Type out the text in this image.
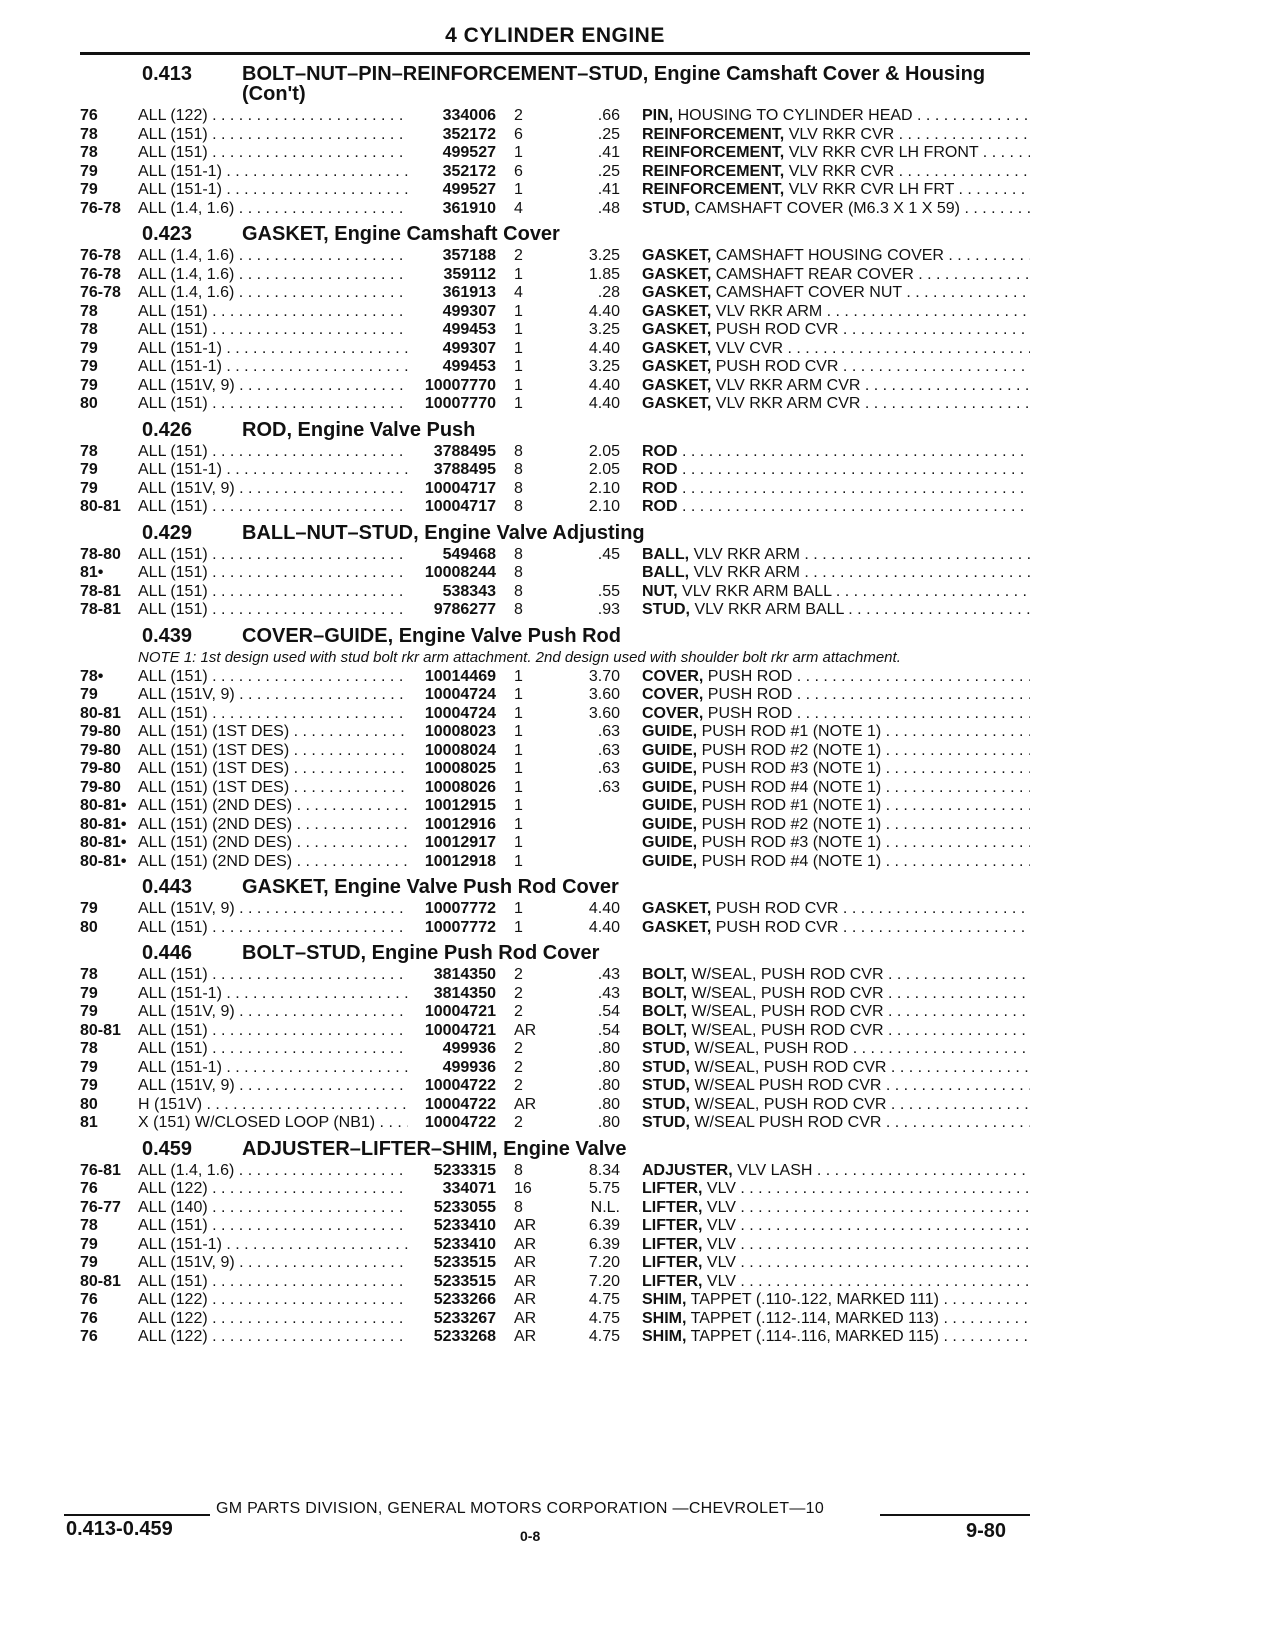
4 CYLINDER ENGINE
0.413	BOLT–NUT–PIN–REINFORCEMENT–STUD, Engine Camshaft Cover & Housing (Con't)
76	ALL (122) . . .	334006	2	.66	PIN, HOUSING TO CYLINDER HEAD . . .
78	ALL (151) . . .	352172	6	.25	REINFORCEMENT, VLV RKR CVR . . .
78	ALL (151) . . .	499527	1	.41	REINFORCEMENT, VLV RKR CVR LH FRONT . . .
79	ALL (151-1) . . .	352172	6	.25	REINFORCEMENT, VLV RKR CVR . . .
79	ALL (151-1) . . .	499527	1	.41	REINFORCEMENT, VLV RKR CVR LH FRT . . .
76-78	ALL (1.4, 1.6) . . .	361910	4	.48	STUD, CAMSHAFT COVER (M6.3 X 1 X 59) . . .
0.423	GASKET, Engine Camshaft Cover
76-78	ALL (1.4, 1.6) . . .	357188	2	3.25	GASKET, CAMSHAFT HOUSING COVER . . .
76-78	ALL (1.4, 1.6) . . .	359112	1	1.85	GASKET, CAMSHAFT REAR COVER . . .
76-78	ALL (1.4, 1.6) . . .	361913	4	.28	GASKET, CAMSHAFT COVER NUT . . .
78	ALL (151) . . .	499307	1	4.40	GASKET, VLV RKR ARM . . .
78	ALL (151) . . .	499453	1	3.25	GASKET, PUSH ROD CVR . . .
79	ALL (151-1) . . .	499307	1	4.40	GASKET, VLV CVR . . .
79	ALL (151-1) . . .	499453	1	3.25	GASKET, PUSH ROD CVR . . .
79	ALL (151V, 9) . . .	10007770	1	4.40	GASKET, VLV RKR ARM CVR . . .
80	ALL (151) . . .	10007770	1	4.40	GASKET, VLV RKR ARM CVR . . .
0.426	ROD, Engine Valve Push
78	ALL (151) . . .	3788495	8	2.05	ROD . . .
79	ALL (151-1) . . .	3788495	8	2.05	ROD . . .
79	ALL (151V, 9) . . .	10004717	8	2.10	ROD . . .
80-81	ALL (151) . . .	10004717	8	2.10	ROD . . .
0.429	BALL–NUT–STUD, Engine Valve Adjusting
78-80	ALL (151) . . .	549468	8	.45	BALL, VLV RKR ARM . . .
81•	ALL (151) . . .	10008244	8	BALL, VLV RKR ARM . . .
78-81	ALL (151) . . .	538343	8	.55	NUT, VLV RKR ARM BALL . . .
78-81	ALL (151) . . .	9786277	8	.93	STUD, VLV RKR ARM BALL . . .
0.439	COVER–GUIDE, Engine Valve Push Rod
NOTE 1: 1st design used with stud bolt rkr arm attachment. 2nd design used with shoulder bolt rkr arm attachment.
78•	ALL (151) . . .	10014469	1	3.70	COVER, PUSH ROD . . .
79	ALL (151V, 9) . . .	10004724	1	3.60	COVER, PUSH ROD . . .
80-81	ALL (151) . . .	10004724	1	3.60	COVER, PUSH ROD . . .
79-80	ALL (151) (1ST DES) . . .	10008023	1	.63	GUIDE, PUSH ROD #1 (NOTE 1) . . .
79-80	ALL (151) (1ST DES) . . .	10008024	1	.63	GUIDE, PUSH ROD #2 (NOTE 1) . . .
79-80	ALL (151) (1ST DES) . . .	10008025	1	.63	GUIDE, PUSH ROD #3 (NOTE 1) . . .
79-80	ALL (151) (1ST DES) . . .	10008026	1	.63	GUIDE, PUSH ROD #4 (NOTE 1) . . .
80-81• ALL (151) (2ND DES) . . .	10012915	1	GUIDE, PUSH ROD #1 (NOTE 1) . . .
80-81• ALL (151) (2ND DES) . . .	10012916	1	GUIDE, PUSH ROD #2 (NOTE 1) . . .
80-81• ALL (151) (2ND DES) . . .	10012917	1	GUIDE, PUSH ROD #3 (NOTE 1) . . .
80-81• ALL (151) (2ND DES) . . .	10012918	1	GUIDE, PUSH ROD #4 (NOTE 1) . . .
0.443	GASKET, Engine Valve Push Rod Cover
79	ALL (151V, 9) . . .	10007772	1	4.40	GASKET, PUSH ROD CVR . . .
80	ALL (151) . . .	10007772	1	4.40	GASKET, PUSH ROD CVR . . .
0.446	BOLT–STUD, Engine Push Rod Cover
78	ALL (151) . . .	3814350	2	.43	BOLT, W/SEAL, PUSH ROD CVR . . .
79	ALL (151-1) . . .	3814350	2	.43	BOLT, W/SEAL, PUSH ROD CVR . . .
79	ALL (151V, 9) . . .	10004721	2	.54	BOLT, W/SEAL, PUSH ROD CVR . . .
80-81	ALL (151) . . .	10004721	AR	.54	BOLT, W/SEAL, PUSH ROD CVR . . .
78	ALL (151) . . .	499936	2	.80	STUD, W/SEAL, PUSH ROD . . .
79	ALL (151-1) . . .	499936	2	.80	STUD, W/SEAL, PUSH ROD CVR . . .
79	ALL (151V, 9) . . .	10004722	2	.80	STUD, W/SEAL PUSH ROD CVR . . .
80	H (151V) . . .	10004722	AR	.80	STUD, W/SEAL, PUSH ROD CVR . . .
81	X (151) W/CLOSED LOOP (NB1) . . .	10004722	2	.80	STUD, W/SEAL PUSH ROD CVR . . .
0.459	ADJUSTER–LIFTER–SHIM, Engine Valve
76-81	ALL (1.4, 1.6) . . .	5233315	8	8.34	ADJUSTER, VLV LASH . . .
76	ALL (122) . . .	334071	16	5.75	LIFTER, VLV . . .
76-77	ALL (140) . . .	5233055	8	N.L.	LIFTER, VLV . . .
78	ALL (151) . . .	5233410	AR	6.39	LIFTER, VLV . . .
79	ALL (151-1) . . .	5233410	AR	6.39	LIFTER, VLV . . .
79	ALL (151V, 9) . . .	5233515	AR	7.20	LIFTER, VLV . . .
80-81	ALL (151) . . .	5233515	AR	7.20	LIFTER, VLV . . .
76	ALL (122) . . .	5233266	AR	4.75	SHIM, TAPPET (.110-.122, MARKED 111) . . .
76	ALL (122) . . .	5233267	AR	4.75	SHIM, TAPPET (.112-.114, MARKED 113) . . .
76	ALL (122) . . .	5233268	AR	4.75	SHIM, TAPPET (.114-.116, MARKED 115) . . .
GM PARTS DIVISION, GENERAL MOTORS CORPORATION —CHEVROLET—10
0.413-0.459	0-8	9-80
